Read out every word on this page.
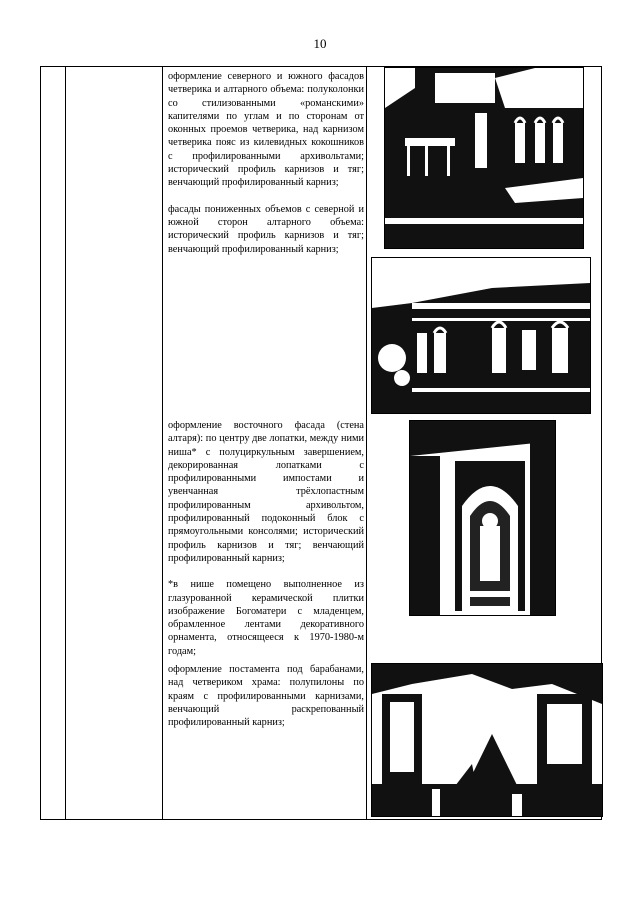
10

оформление северного и южного фасадов четверика и алтарного объема: полуколонки со стилизованными «романскими» капителями по углам и по сторонам от оконных проемов четверика, над карнизом четверика пояс из килевидных кокошников с профилированными архивольтами; исторический профиль карнизов и тяг; венчающий профилированный карниз;

фасады пониженных объемов с северной и южной сторон алтарного объема: исторический профиль карнизов и тяг; венчающий профилированный карниз;

оформление восточного фасада (стена алтаря): по центру две лопатки, между ними ниша* с полуциркульным завершением, декорированная лопатками с профилированными импостами и увенчанная трёхлопастным профилированным архивольтом, профилированный подоконный блок с прямоугольными консолями; исторический профиль карнизов и тяг; венчающий профилированный карниз;

*в нише помещено выполненное из глазурованной керамической плитки изображение Богоматери с младенцем, обрамленное лентами декоративного орнамента, относящееся к 1970-1980-м годам;

оформление постамента под барабанами, над четвериком храма: полупилоны по краям с профилированными карнизами, венчающий раскрепованный профилированный карниз;
